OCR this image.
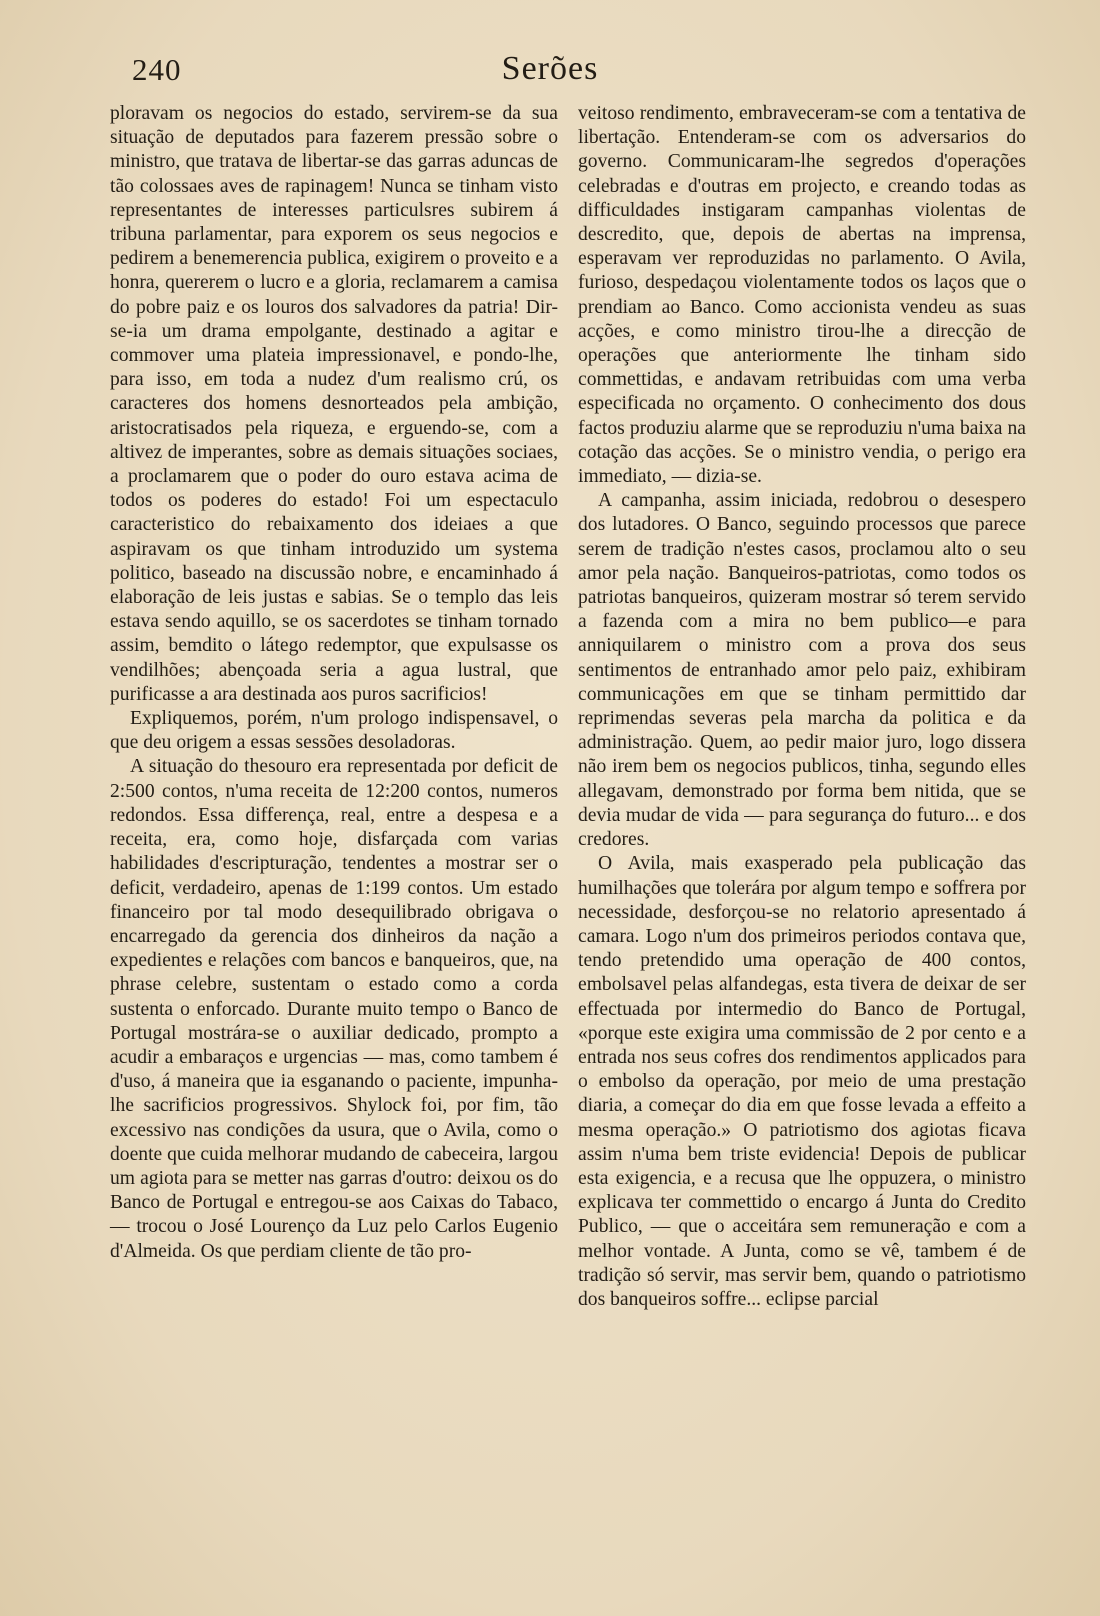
240	Serões

ploravam os negocios do estado, servirem-se da sua situação de deputados para fazerem pressão sobre o ministro, que tratava de libertar-se das garras aduncas de tão colossaes aves de rapinagem! Nunca se tinham visto representantes de interesses particulsres subirem á tribuna parlamentar, para exporem os seus negocios e pedirem a benemerencia publica, exigirem o proveito e a honra, quererem o lucro e a gloria, reclamarem a camisa do pobre paiz e os louros dos salvadores da patria! Dir-se-ia um drama empolgante, destinado a agitar e commover uma plateia impressionavel, e pondo-lhe, para isso, em toda a nudez d'um realismo crú, os caracteres dos homens desnorteados pela ambição, aristocratisados pela riqueza, e erguendo-se, com a altivez de imperantes, sobre as demais situações sociaes, a proclamarem que o poder do ouro estava acima de todos os poderes do estado! Foi um espectaculo caracteristico do rebaixamento dos ideiaes a que aspiravam os que tinham introduzido um systema politico, baseado na discussão nobre, e encaminhado á elaboração de leis justas e sabias. Se o templo das leis estava sendo aquillo, se os sacerdotes se tinham tornado assim, bemdito o látego redemptor, que expulsasse os vendilhões; abençoada seria a agua lustral, que purificasse a ara destinada aos puros sacrificios!

Expliquemos, porém, n'um prologo indispensavel, o que deu origem a essas sessões desoladoras.

A situação do thesouro era representada por deficit de 2:500 contos, n'uma receita de 12:200 contos, numeros redondos. Essa differença, real, entre a despesa e a receita, era, como hoje, disfarçada com varias habilidades d'escripturação, tendentes a mostrar ser o deficit, verdadeiro, apenas de 1:199 contos. Um estado financeiro por tal modo desequilibrado obrigava o encarregado da gerencia dos dinheiros da nação a expedientes e relações com bancos e banqueiros, que, na phrase celebre, sustentam o estado como a corda sustenta o enforcado. Durante muito tempo o Banco de Portugal mostrára-se o auxiliar dedicado, prompto a acudir a embaraços e urgencias — mas, como tambem é d'uso, á maneira que ia esganando o paciente, impunha-lhe sacrificios progressivos. Shylock foi, por fim, tão excessivo nas condições da usura, que o Avila, como o doente que cuida melhorar mudando de cabeceira, largou um agiota para se metter nas garras d'outro: deixou os do Banco de Portugal e entregou-se aos Caixas do Tabaco, — trocou o José Lourenço da Luz pelo Carlos Eugenio d'Almeida. Os que perdiam cliente de tão pro-

veitoso rendimento, embraveceram-se com a tentativa de libertação. Entenderam-se com os adversarios do governo. Communicaram-lhe segredos d'operações celebradas e d'outras em projecto, e creando todas as difficuldades instigaram campanhas violentas de descredito, que, depois de abertas na imprensa, esperavam ver reproduzidas no parlamento. O Avila, furioso, despedaçou violentamente todos os laços que o prendiam ao Banco. Como accionista vendeu as suas acções, e como ministro tirou-lhe a direcção de operações que anteriormente lhe tinham sido commettidas, e andavam retribuidas com uma verba especificada no orçamento. O conhecimento dos dous factos produziu alarme que se reproduziu n'uma baixa na cotação das acções. Se o ministro vendia, o perigo era immediato, — dizia-se.

A campanha, assim iniciada, redobrou o desespero dos lutadores. O Banco, seguindo processos que parece serem de tradição n'estes casos, proclamou alto o seu amor pela nação. Banqueiros-patriotas, como todos os patriotas banqueiros, quizeram mostrar só terem servido a fazenda com a mira no bem publico—e para anniquilarem o ministro com a prova dos seus sentimentos de entranhado amor pelo paiz, exhibiram communicações em que se tinham permittido dar reprimendas severas pela marcha da politica e da administração. Quem, ao pedir maior juro, logo dissera não irem bem os negocios publicos, tinha, segundo elles allegavam, demonstrado por forma bem nitida, que se devia mudar de vida — para segurança do futuro... e dos credores.

O Avila, mais exasperado pela publicação das humilhações que tolerára por algum tempo e soffrera por necessidade, desforçou-se no relatorio apresentado á camara. Logo n'um dos primeiros periodos contava que, tendo pretendido uma operação de 400 contos, embolsavel pelas alfandegas, esta tivera de deixar de ser effectuada por intermedio do Banco de Portugal, «porque este exigira uma commissão de 2 por cento e a entrada nos seus cofres dos rendimentos applicados para o embolso da operação, por meio de uma prestação diaria, a começar do dia em que fosse levada a effeito a mesma operação.» O patriotismo dos agiotas ficava assim n'uma bem triste evidencia! Depois de publicar esta exigencia, e a recusa que lhe oppuzera, o ministro explicava ter commettido o encargo á Junta do Credito Publico, — que o acceitára sem remuneração e com a melhor vontade. A Junta, como se vê, tambem é de tradição só servir, mas servir bem, quando o patriotismo dos banqueiros soffre... eclipse parcial
